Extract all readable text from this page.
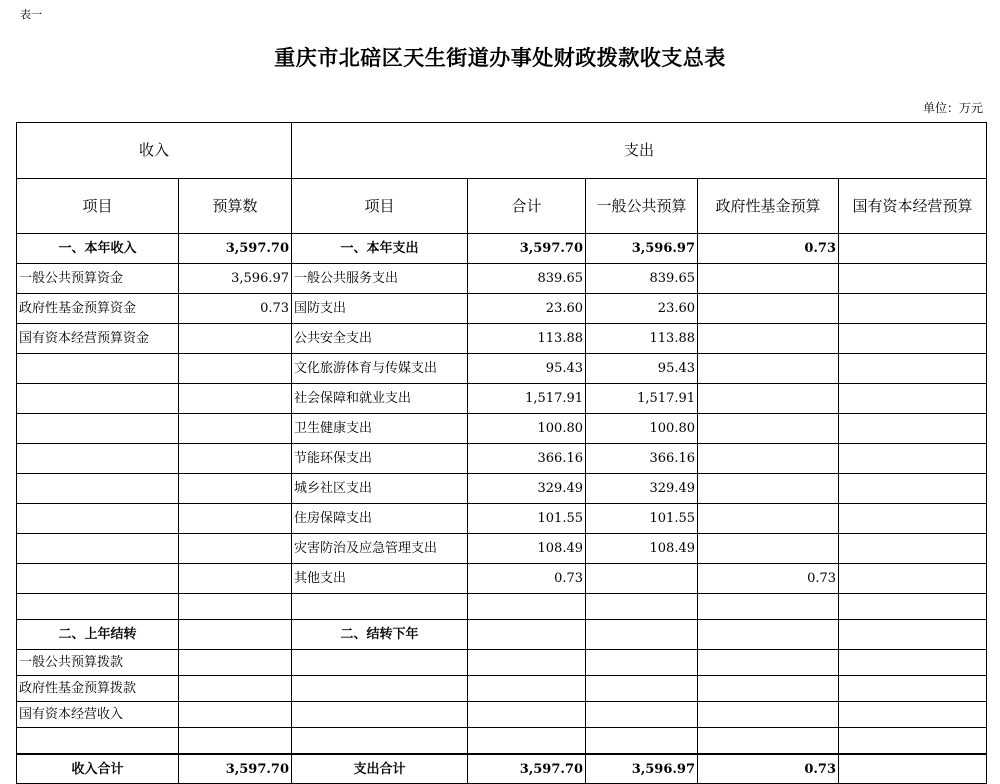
表一
重庆市北碚区天生街道办事处财政拨款收支总表
单位：万元
收入		支出				
项目	预算数	项目	合计	一般公共预算	政府性基金预算	国有资本经营预算
一、本年收入	3,597.70	一、本年支出	3,597.70	3,596.97	0.73	
一般公共预算资金	3,596.97	一般公共服务支出	839.65	839.65		
政府性基金预算资金	0.73	国防支出	23.60	23.60		
国有资本经营预算资金		公共安全支出	113.88	113.88		
		文化旅游体育与传媒支出	95.43	95.43		
		社会保障和就业支出	1,517.91	1,517.91		
		卫生健康支出	100.80	100.80		
		节能环保支出	366.16	366.16		
		城乡社区支出	329.49	329.49		
		住房保障支出	101.55	101.55		
		灾害防治及应急管理支出	108.49	108.49		
		其他支出	0.73		0.73	

二、上年结转		二、结转下年				
一般公共预算拨款						
政府性基金预算拨款						
国有资本经营收入						

收入合计	3,597.70	支出合计	3,597.70	3,596.97	0.73	
